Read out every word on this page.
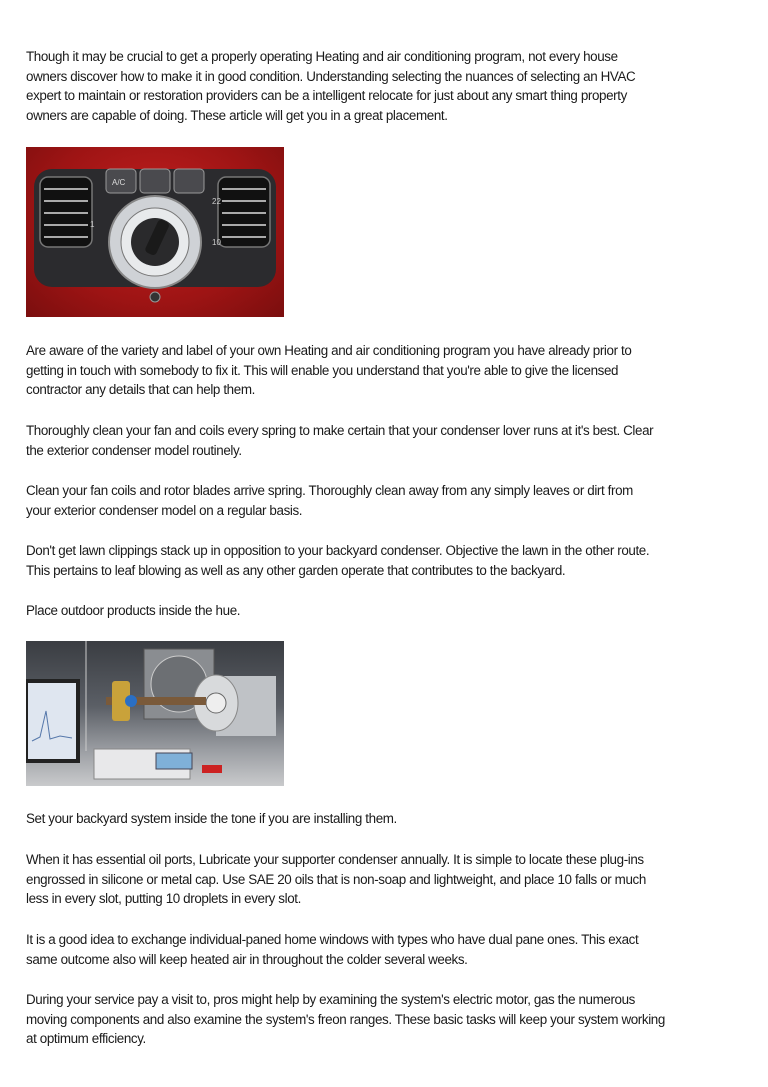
Though it may be crucial to get a properly operating Heating and air conditioning program, not every house
owners discover how to make it in good condition. Understanding selecting the nuances of selecting an HVAC
expert to maintain or restoration providers can be a intelligent relocate for just about any smart thing property
owners are capable of doing. These article will get you in a great placement.
A/C
1
22
10
Are aware of the variety and label of your own Heating and air conditioning program you have already prior to
getting in touch with somebody to fix it. This will enable you understand that you're able to give the licensed
contractor any details that can help them.
Thoroughly clean your fan and coils every spring to make certain that your condenser lover runs at it's best. Clear
the exterior condenser model routinely.
Clean your fan coils and rotor blades arrive spring. Thoroughly clean away from any simply leaves or dirt from
your exterior condenser model on a regular basis.
Don't get lawn clippings stack up in opposition to your backyard condenser. Objective the lawn in the other route.
This pertains to leaf blowing as well as any other garden operate that contributes to the backyard.
Place outdoor products inside the hue.
Set your backyard system inside the tone if you are installing them.
When it has essential oil ports, Lubricate your supporter condenser annually. It is simple to locate these plug-ins
engrossed in silicone or metal cap. Use SAE 20 oils that is non-soap and lightweight, and place 10 falls or much
less in every slot, putting 10 droplets in every slot.
It is a good idea to exchange individual-paned home windows with types who have dual pane ones. This exact
same outcome also will keep heated air in throughout the colder several weeks.
During your service pay a visit to, pros might help by examining the system's electric motor, gas the numerous
moving components and also examine the system's freon ranges. These basic tasks will keep your system working
at optimum efficiency.
